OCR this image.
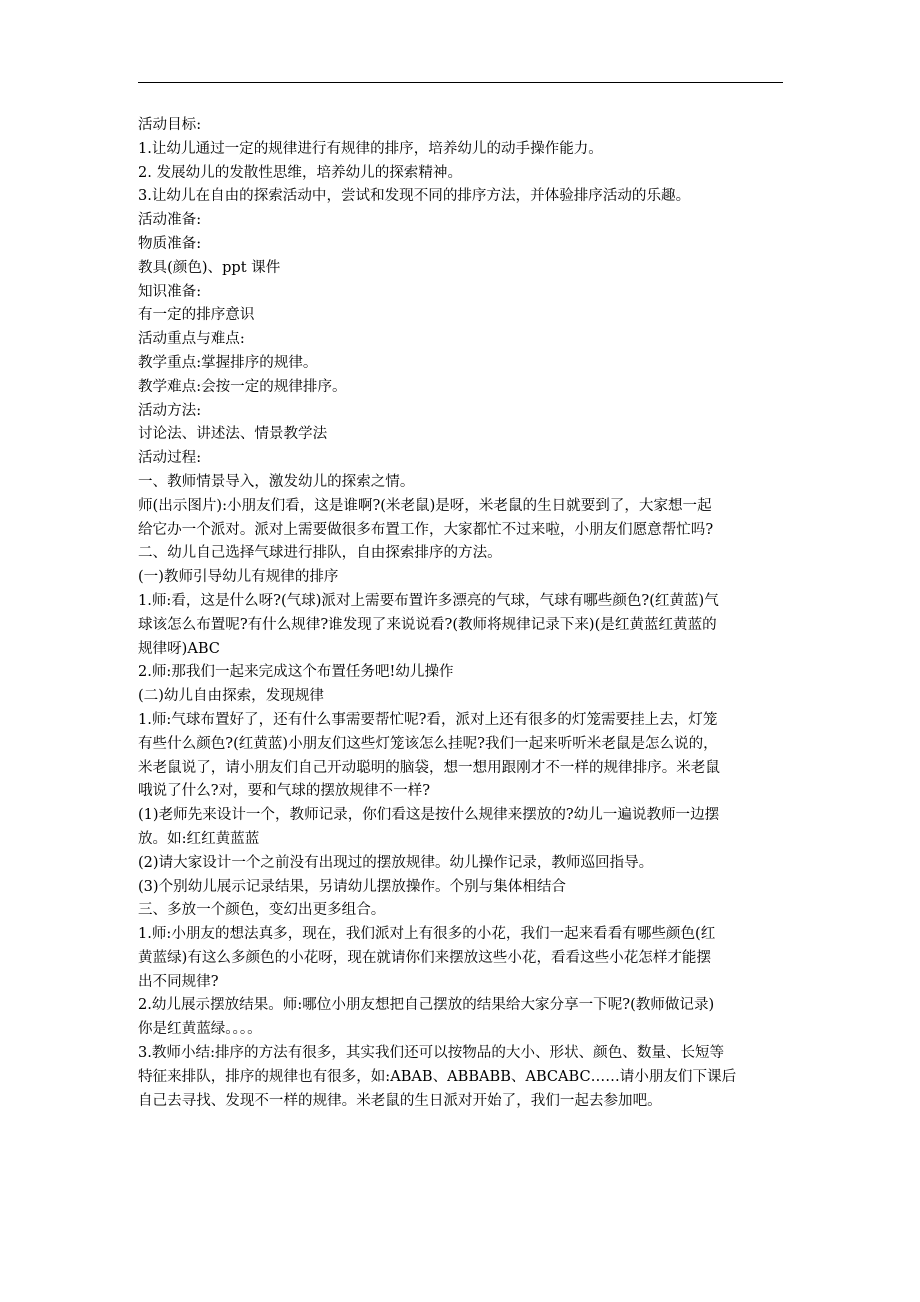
活动目标:
1.让幼儿通过一定的规律进行有规律的排序，培养幼儿的动手操作能力。
2. 发展幼儿的发散性思维，培养幼儿的探索精神。
3.让幼儿在自由的探索活动中，尝试和发现不同的排序方法，并体验排序活动的乐趣。
活动准备:
物质准备:
教具(颜色)、ppt 课件
知识准备:
有一定的排序意识
活动重点与难点:
教学重点:掌握排序的规律。
教学难点:会按一定的规律排序。
活动方法:
讨论法、讲述法、情景教学法
活动过程:
一、教师情景导入，激发幼儿的探索之情。
师(出示图片):小朋友们看，这是谁啊?(米老鼠)是呀，米老鼠的生日就要到了，大家想一起
给它办一个派对。派对上需要做很多布置工作，大家都忙不过来啦，小朋友们愿意帮忙吗?
二、幼儿自己选择气球进行排队，自由探索排序的方法。
(一)教师引导幼儿有规律的排序
1.师:看，这是什么呀?(气球)派对上需要布置许多漂亮的气球，气球有哪些颜色?(红黄蓝)气
球该怎么布置呢?有什么规律?谁发现了来说说看?(教师将规律记录下来)(是红黄蓝红黄蓝的
规律呀)ABC
2.师:那我们一起来完成这个布置任务吧!幼儿操作
(二)幼儿自由探索，发现规律
1.师:气球布置好了，还有什么事需要帮忙呢?看，派对上还有很多的灯笼需要挂上去，灯笼
有些什么颜色?(红黄蓝)小朋友们这些灯笼该怎么挂呢?我们一起来听听米老鼠是怎么说的，
米老鼠说了，请小朋友们自己开动聪明的脑袋，想一想用跟刚才不一样的规律排序。米老鼠
哦说了什么?对，要和气球的摆放规律不一样?
(1)老师先来设计一个，教师记录，你们看这是按什么规律来摆放的?幼儿一遍说教师一边摆
放。如:红红黄蓝蓝
(2)请大家设计一个之前没有出现过的摆放规律。幼儿操作记录，教师巡回指导。
(3)个别幼儿展示记录结果，另请幼儿摆放操作。个别与集体相结合
三、多放一个颜色，变幻出更多组合。
1.师:小朋友的想法真多，现在，我们派对上有很多的小花，我们一起来看看有哪些颜色(红
黄蓝绿)有这么多颜色的小花呀，现在就请你们来摆放这些小花，看看这些小花怎样才能摆
出不同规律?
2.幼儿展示摆放结果。师:哪位小朋友想把自己摆放的结果给大家分享一下呢?(教师做记录)
你是红黄蓝绿。。。。
3.教师小结:排序的方法有很多，其实我们还可以按物品的大小、形状、颜色、数量、长短等
特征来排队，排序的规律也有很多，如:ABAB、ABBABB、ABCABC……请小朋友们下课后
自己去寻找、发现不一样的规律。米老鼠的生日派对开始了，我们一起去参加吧。
